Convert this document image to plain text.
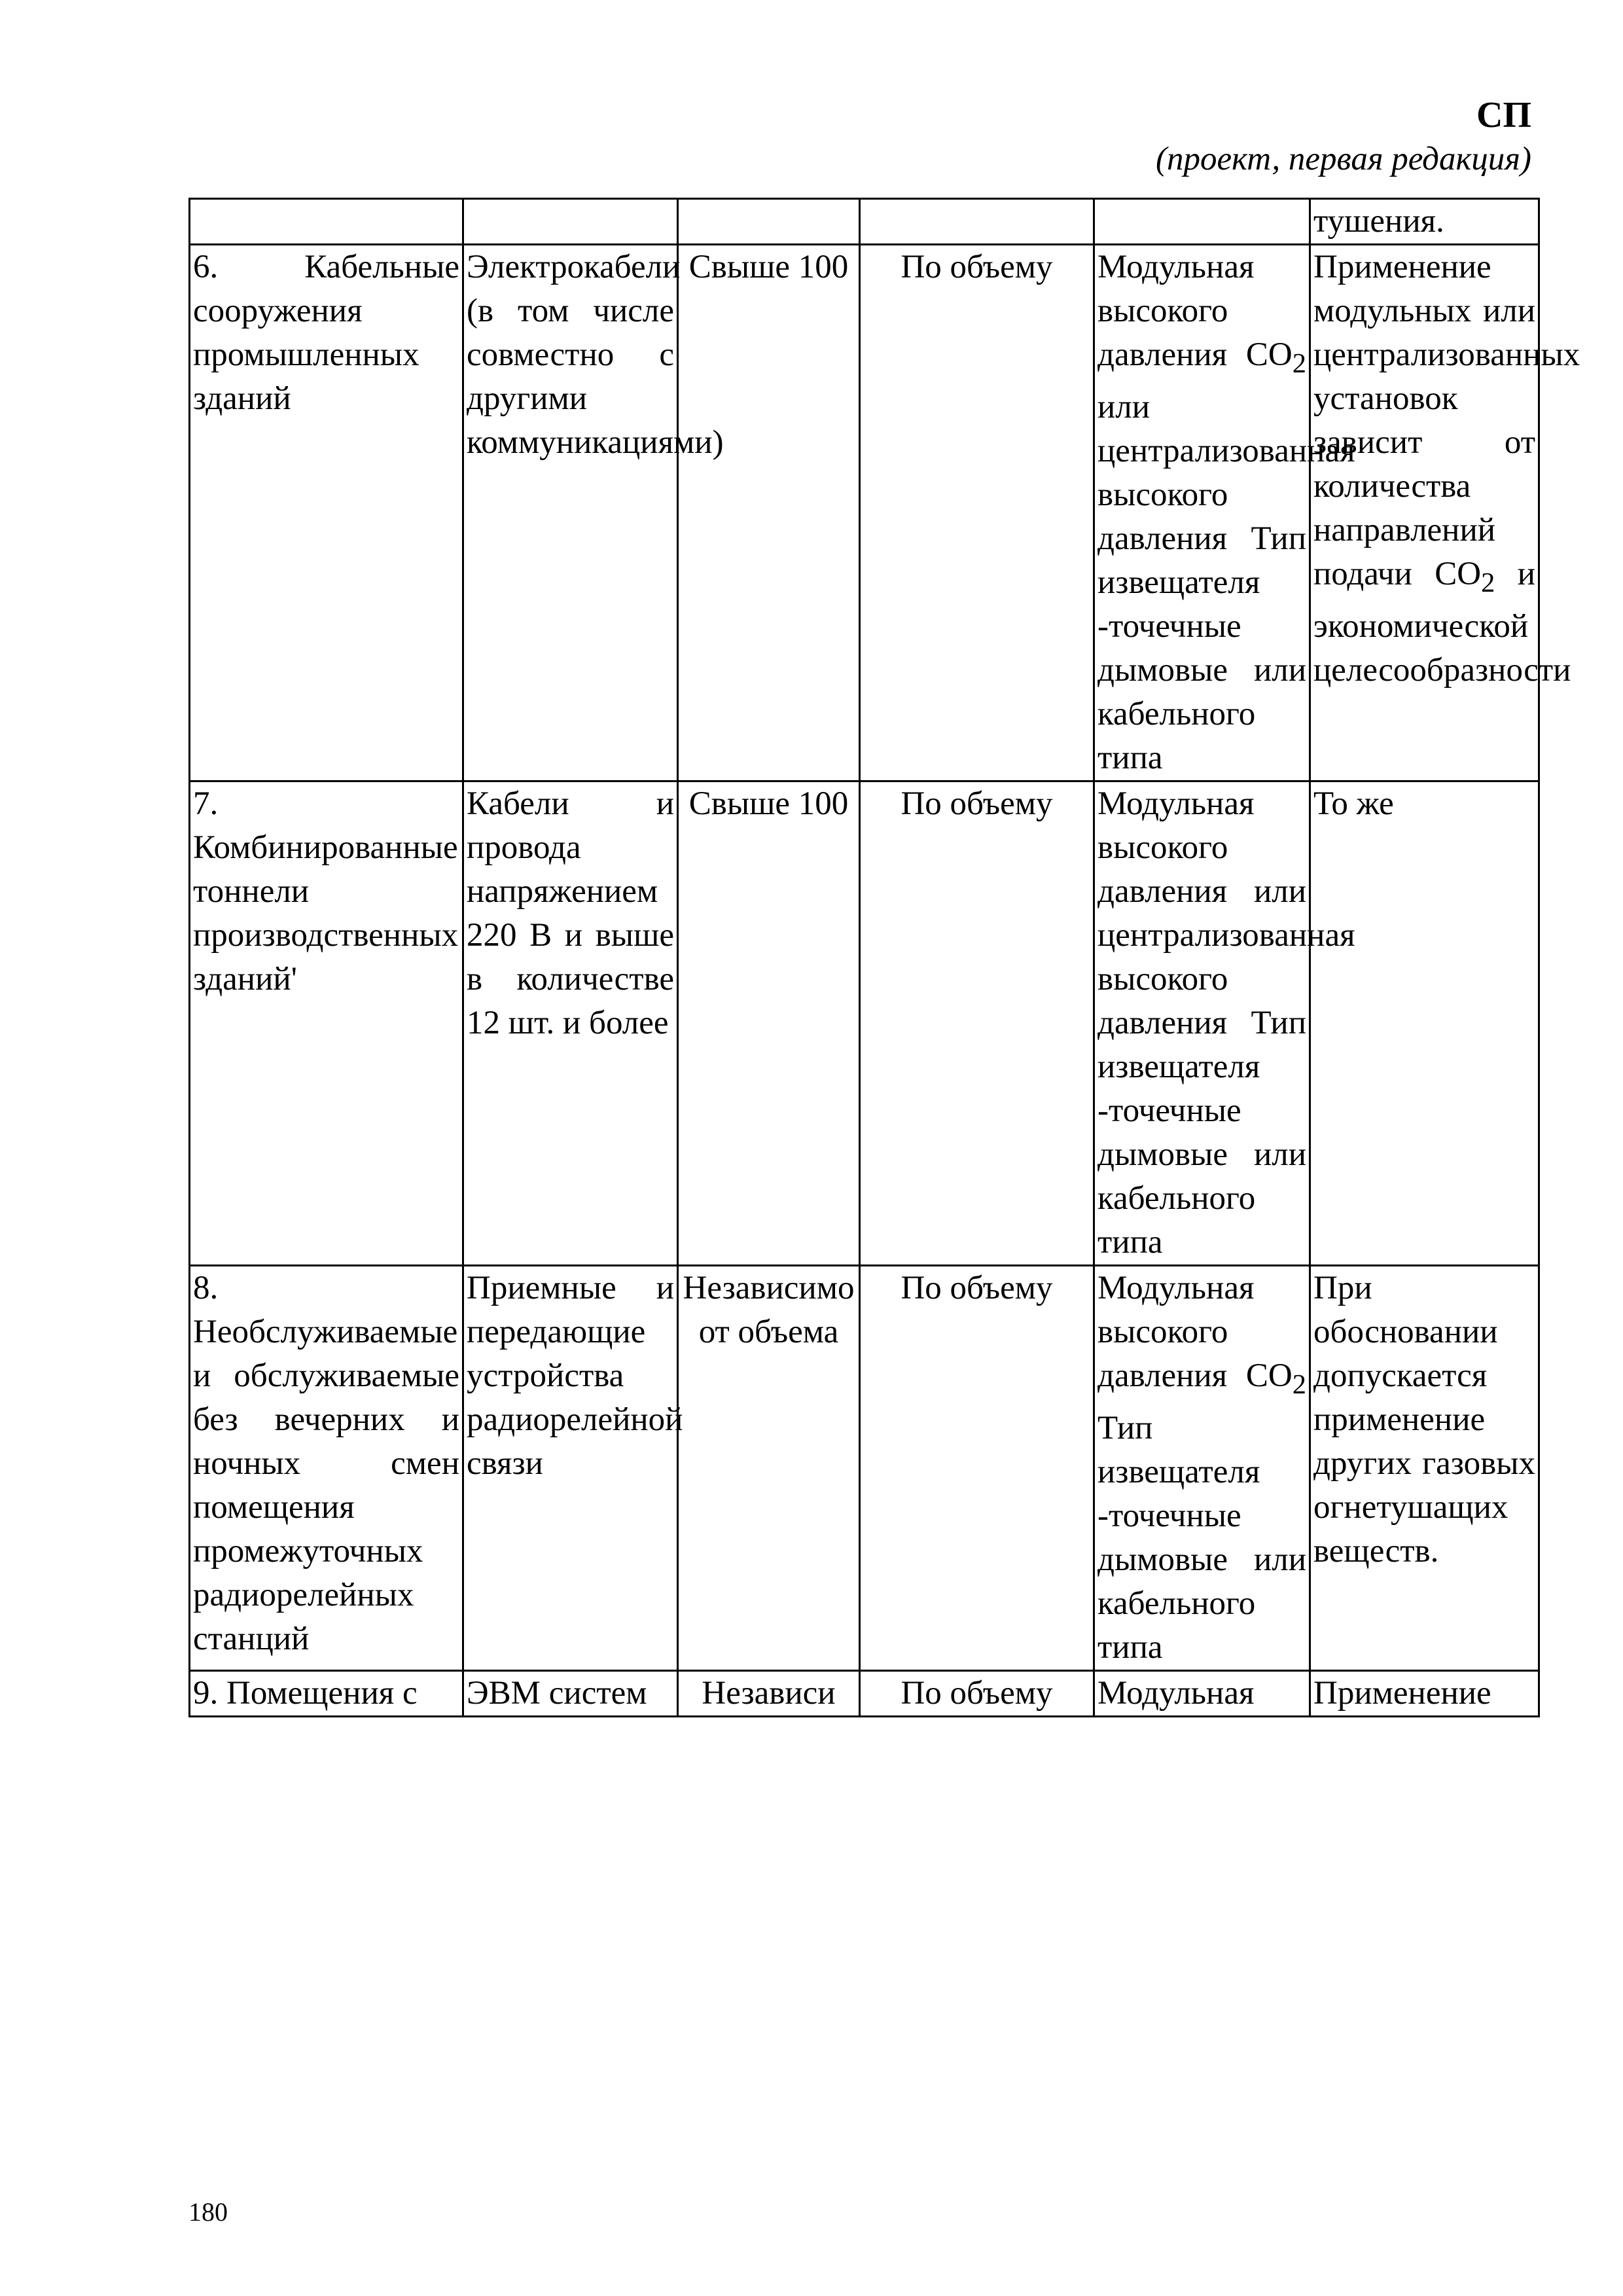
СП
(проект, первая редакция)
					тушения.
6. Кабельные сооружения промышленных зданий	Электрокабели (в том числе совместно с другими коммуникациями)	Свыше 100	По объему	Модульная высокого давления $CO_2$ или централизованная высокого давления Тип извещателя -точечные дымовые или кабельного типа	Применение модульных или централизованных установок зависит от количества направлений подачи $CO_2$ и экономической целесообразности
7. Комбинированные тоннели производственных зданий'	Кабели и провода напряжением 220 В и выше в количестве 12 шт. и более	Свыше 100	По объему	Модульная высокого давления или централизованная высокого давления Тип извещателя -точечные дымовые или кабельного типа	То же
8. Необслуживаемые и обслуживаемые без вечерних и ночных смен помещения промежуточных радиорелейных станций	Приемные и передающие устройства радиорелейной связи	Независимо от объема	По объему	Модульная высокого давления $CO_2$ Тип извещателя -точечные дымовые или кабельного типа	При обосновании допускается применение других газовых огнетушащих веществ.
9. Помещения с	ЭВМ систем	Независи	По объему	Модульная	Применение
180
